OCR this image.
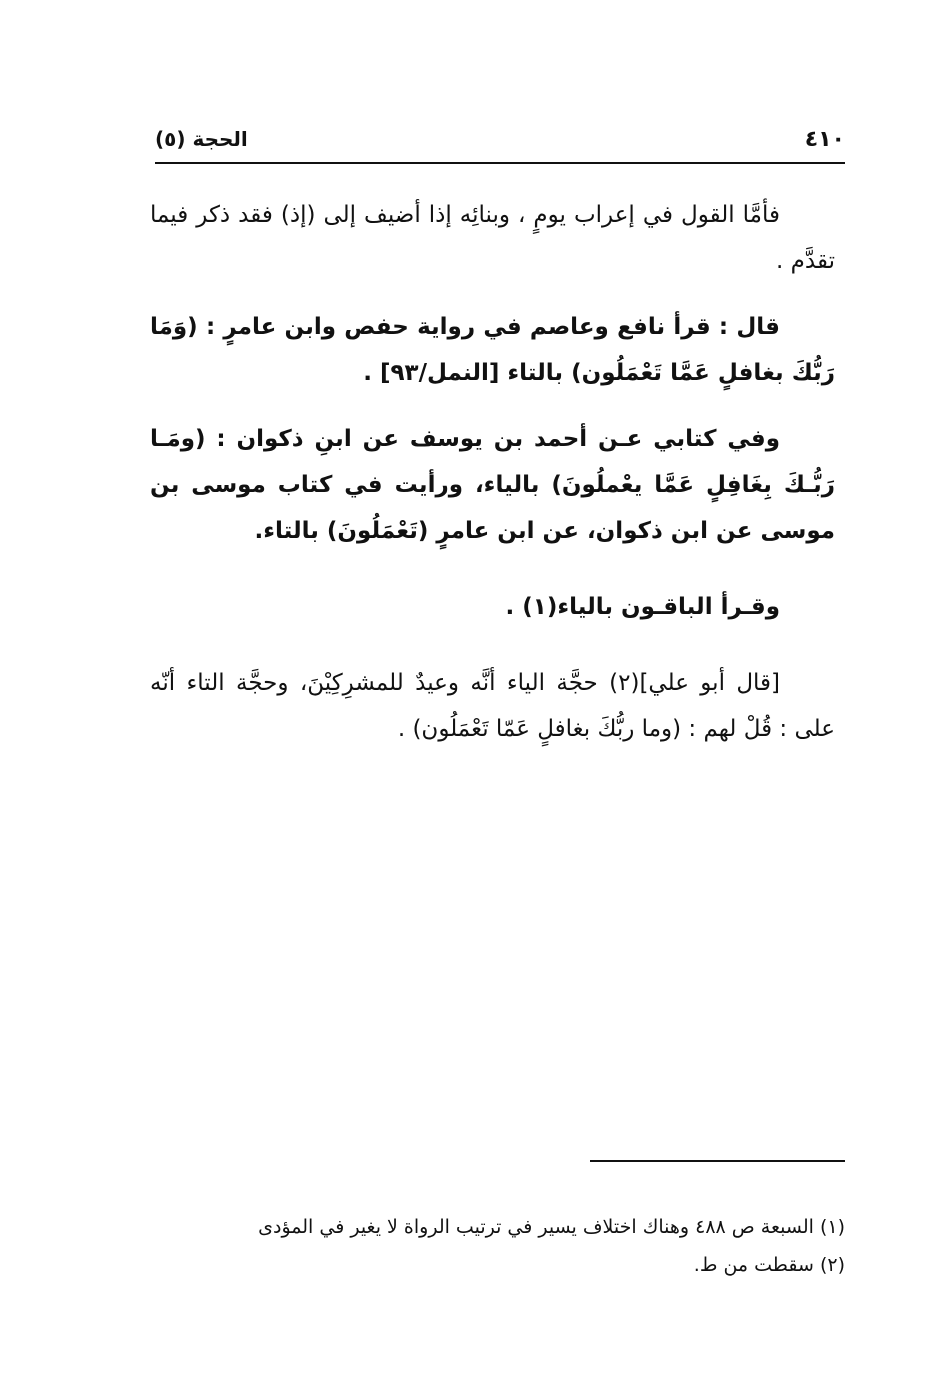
٤١٠
الحجة (٥)

فأمَّا القول في إعراب يومٍ ، وبنائِه إذا أضيف إلى (إذ) فقد ذكر فيما تقدَّم .

قال : قرأ نافع وعاصم في رواية حفص وابن عامرٍ : (وَمَا رَبُّكَ بغافلٍ عَمَّا تَعْمَلُون) بالتاء [النمل/٩٣] .

وفي كتابي عـن أحمد بن يوسف عن ابنِ ذكوان : (ومَـا رَبُّـكَ بِغَافِلٍ عَمَّا يعْملُونَ) بالياء، ورأيت في كتاب موسى بن موسى عن ابن ذكوان، عن ابن عامرٍ (تَعْمَلُونَ) بالتاء.

وقـرأ الباقـون بالياء(١) .

[قال أبو علي](٢) حجَّة الياء أنَّه وعيدٌ للمشرِكِيْنَ، وحجَّة التاء أنّه على : قُلْ لهم : (وما ربُّكَ بغافلٍ عَمّا تَعْمَلُون) .

(١) السبعة ص ٤٨٨ وهناك اختلاف يسير في ترتيب الرواة لا يغير في المؤدى

(٢) سقطت من ط.
